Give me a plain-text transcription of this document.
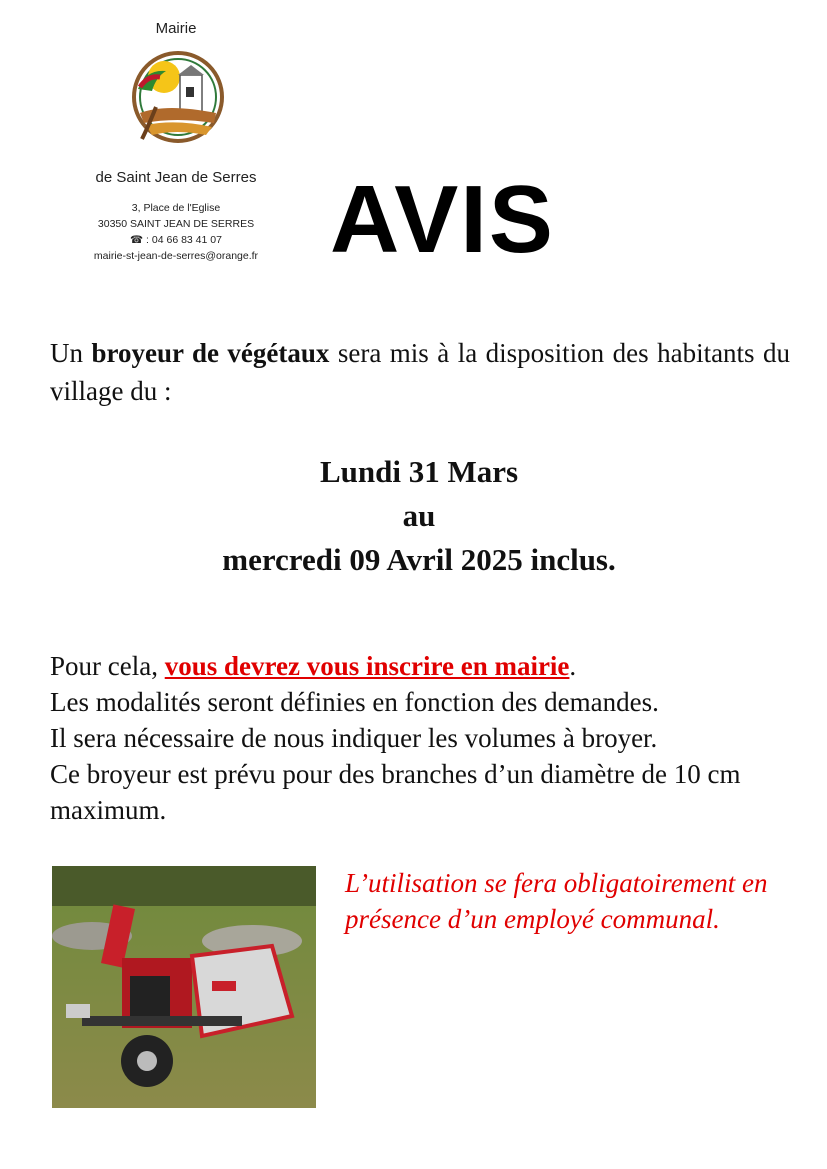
Mairie
de Saint Jean de Serres
3, Place de l'Eglise
30350 SAINT JEAN DE SERRES
☎ : 04 66 83 41 07
mairie-st-jean-de-serres@orange.fr AVIS
Un broyeur de végétaux sera mis à la disposition des habitants du village du :
Lundi 31 Mars
au
mercredi 09 Avril 2025 inclus.

Pour cela, vous devrez vous inscrire en mairie.

Les modalités seront définies en fonction des demandes.

Il sera nécessaire de nous indiquer les volumes à broyer.

Ce broyeur est prévu pour des branches d’un diamètre de 10 cm maximum.

L’utilisation se fera obligatoirement en présence d’un employé communal.
